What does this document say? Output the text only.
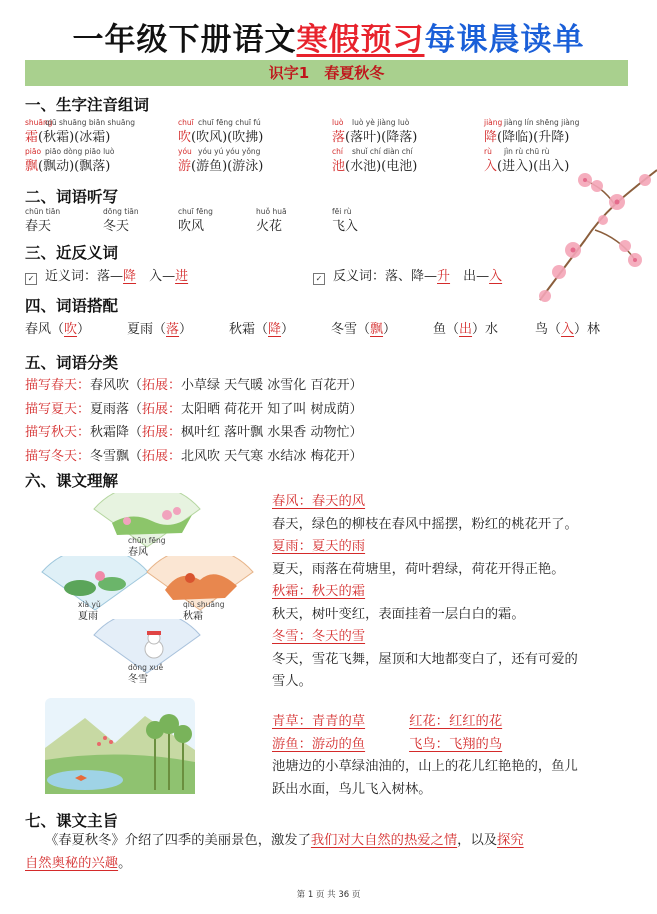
一年级下册语文寒假预习每课晨读单
识字1　春夏秋冬
一、生字注音组词
shuāng
qiū shuāng biān shuāng
霜(秋霜)(冰霜)
chuī chuī fēng chuī fú
吹(吹风)(吹拂)
luò luò yè jiàng luò
落(落叶)(降落)
jiàng jiàng lín shēng jiàng
降(降临)(升降)
piāo piāo dòng piāo luò
飘(飘动)(飘落)
yóu yóu yú yóu yǒng
游(游鱼)(游泳)
chí shuǐ chí diàn chí
池(水池)(电池)
rù jìn rù chū rù
入(进入)(出入)
二、词语听写
chūn tiān
春天
dōng tiān
冬天
chuī fēng
吹风
huǒ huā
火花
fēi rù
飞入
三、近反义词
✓ 近义词：落—降　 入—进	✓ 反义词：落、降—升　 出—入
四、词语搭配
春风（吹）	夏雨（落）	秋霜（降）	冬雪（飘）	鱼（出）水	鸟（入）林
五、词语分类
描写春天：春风吹（拓展：小草绿 天气暖 冰雪化 百花开）
描写夏天：夏雨落（拓展：太阳晒 荷花开 知了叫 树成荫）
描写秋天：秋霜降（拓展：枫叶红 落叶飘 水果香 动物忙）
描写冬天：冬雪飘（拓展：北风吹 天气寒 水结冰 梅花开）
六、课文理解
chūn fēng
春风
xià yǔ
夏雨
qiū shuāng
秋霜
dōng xuě
冬雪
春风：春天的风
春天，绿色的柳枝在春风中摇摆，粉红的桃花开了。
夏雨：夏天的雨
夏天，雨落在荷塘里，荷叶碧绿，荷花开得正艳。
秋霜：秋天的霜
秋天，树叶变红，表面挂着一层白白的霜。
冬雪：冬天的雪
冬天，雪花飞舞，屋顶和大地都变白了，还有可爱的
雪人。
青草：青青的草	红花：红红的花
游鱼：游动的鱼	飞鸟：飞翔的鸟
池塘边的小草绿油油的，山上的花儿红艳艳的，鱼儿
跃出水面，鸟儿飞入树林。
七、课文主旨
　　《春夏秋冬》介绍了四季的美丽景色，激发了我们对大自然的热爱之情，以及探究
自然奥秘的兴趣。
第 1 页 共 36 页
